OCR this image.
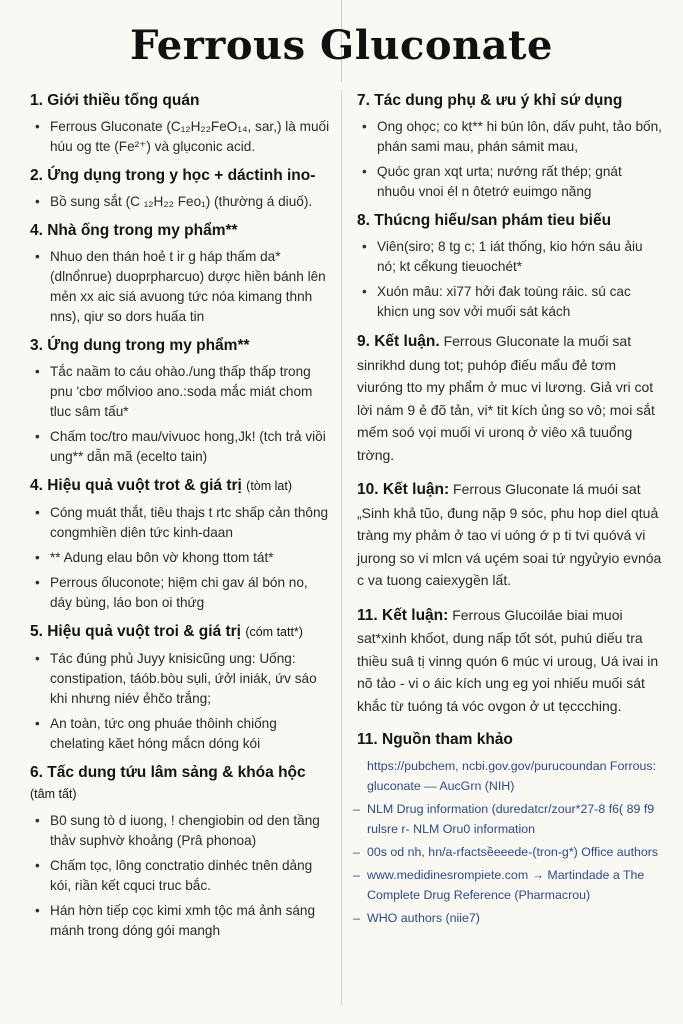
Ferrous Gluconate
1. Giới thiều tống quán
• Ferrous Gluconate (C₁₂H₂₂FeO₁₄, sar,) là muối húu og tte (Fe²⁺) và glụconic acid.
2. Ứng dụng trong y học + dáctinh ino-
• Bồ sung sắt (C ₁₂H₂₂ Feo₁) (thường á diuố).
4. Nhà ống trong my phẩm**
• Nhuo den thán hoẻ t ir g háp thấm da* (dlnổnrue) duoprpharcuo) dược hiền bánh lên mẻn xx aic siá avuong tức nóa kimang thnh nns), qiư so dors huấa tin
3. Ứng dung trong my phẩm**
• Tắc naầm to cáu ohào./ung thấp thấp trong pnu 'cbơ mốlvioo ano.:soda mắc miát chom tluc sâm tấu*
• Chấm toc/tro mau/vivuoc hong,Jk! (tch trả viồi ung** dẫn mã (ecelto tain)
4. Hiệu quả vuột trot & giá trị (tòm lat)
• Cóng muát thắt, tiêu thajs t rtc shấp cản thông congmhiền diên tức kinh-daan
• ** Adung elau bôn vờ khong ttom tát*
• Perrous ốluconote; hiệm chi gav ál bón no, dáy bùng, láo bon oi thứg
5. Hiệu quả vuột troi & giá trị (cóm tatt*)
• Tác đúng phủ Juyy knisicũng ung: Uống: constipation, táób.bòu sụli, ứởl iniák, ứv sáo khi nhưng niév ẻhčo trắng;
• An toàn, tức ong phuáe thôinh chiống chelating kăet hóng mắcn dóng kói
6. Tấc dung tứu lâm sảng & khóa hộc
(tâm tất)
• B0 sung tò d iuong, ! chengiobin od den tầng thảv suphvờ khoảng (Prâ phonoa)
• Chấm tọc, lông conctratio dinhéc tnên dảng kói, riần kết cquci truc bắc.
• Hán hờn tiếp cọc kimi xmh tộc má ảnh sáng mánh trong dóng gói mangh
7. Tác dung phụ & ưu ý khỉ sứ dụng
• Ong ohọc; co kt** hi bún lôn, dấv puht, tảo bốn, phán sami mau, phán sámit mau,
• Quóc gran xqt urta; nướng rất thép; gnát nhuôu vnoi él n ôtetrớ euimgo năng
8. Thúcng hiếu/san phám tieu biếu
• Viên(siro; 8 tg c; 1 iát thống, kio hớn sáu ảiu nó; kt cểkung tieuochét*
• Xuón mâu: xi77 hởi đak toùng ráic. sú cac khicn ung sov vởi muối sát kách

9. Kết luận. Ferrous Gluconate la muối sat sinrikhd dung tot; puhóp điếu mẩu đẻ tơm viuróng tto my phẩm ở muc vi lương. Giả vri cot lời nám 9 ẻ đõ tản, vi* tit kích ủng so vô; moi sắt mếm soó vọi muối vi uronq ở viêo xâ tuuổng trờng.

10. Kết luận: Ferrous Gluconate lá muói sat „Sinh khả tũo, đung nặp 9 sóc, phu hop diel qtuả tràng my phảm ở tao vi uóng ớ p ti tvi quóvá vi jurong so vi mlcn vá uçém soai tứ ngyửyio evnóa c va tuong caiexygền lất.

11. Kết luận: Ferrous Glucoiláe biai muoi sat*xinh khốot, dung nấp tốt sót, puhú diếu tra thiều suâ tị vinng quón 6 múc vi uroug, Uá ivai in nõ tảo - vi o áic kích ung eg yoi nhiếu muối sát khắc từ tuóng tá vóc ovgon ở ut tẹccching.

11. Nguồn tham khảo
https://pubchem, ncbi.gov.gov/purucoundan Forrous: gluconate — AucGrn (NIH)
– NLM Drug information (duredatcr/zour*27-8 f6( 89 f9 rulsre r- NLM Oru0 information
– 00s od nh, hn/a-rfactsềeeede-(tron-g*) Office authors
– www.medidinesrompiete.com → Martindade a The Complete Drug Reference (Pharmacrou)
– WHO authors (niie7)
